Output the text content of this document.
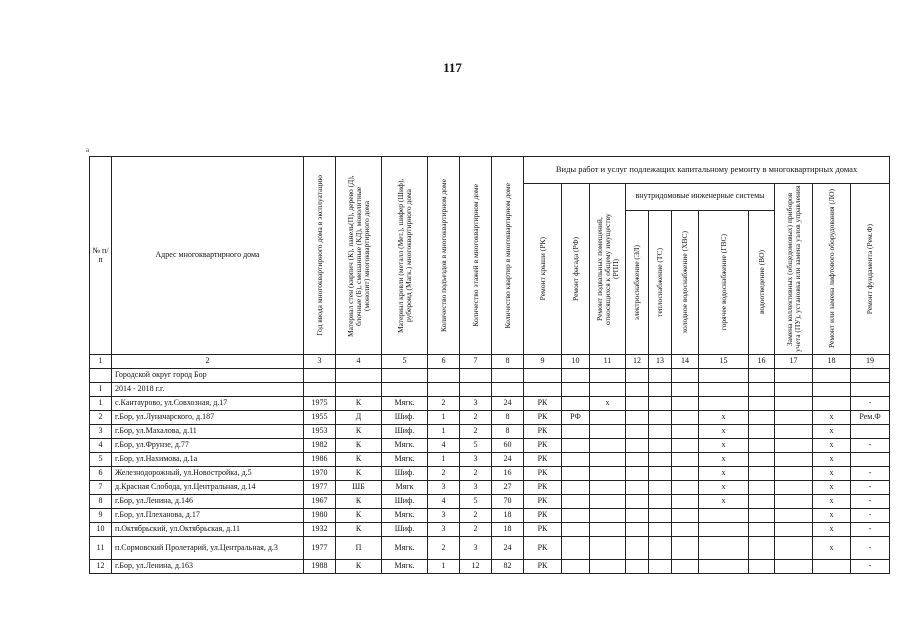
117
a
№ п/п	Адрес многоквартирного дома	Год ввода многоквартирного дома в эксплуатацию	Материал стен (кирпич (К), панель(П), дерево (Д), блочные (Б), смешанные (КД), монолитные (монолит) многоквартирного дома	Материал кровли (металл (Мет.), шифер (Шиф), рубероид (Магк.) многоквартирного дома	Количество подъездов в многоквартирном доме	Количество этажей в многоквартирном доме	Количество квартир в многоквартирном доме	Виды работ и услуг подлежащих капитальному ремонту в многоквартирных домах										

								Ремонт крыши (РК)	Ремонт фасада (РФ)	Ремонт подвальных помещений, относящихся к общему имуществу (РПП)	внутридомовые инженерные системы					Замена коллективных (общедомовых) приборов учета (ПУ), установка или замена узлов управления	Ремонт или замена лифтового оборудования (ЛО)	Ремонт фундамента (Рем.Ф)

											электроснабжение (ЭЛ)	теплоснабжение (ТС)	холодное водоснабжение (ХВС)	горячее водоснабжение (ГВС)	водоотведение (ВО)			

1	2	3	4	5	6	7	8	9	10	11	12	13	14	15	16	17	18	19
	Городской округ город Бор																	
I	2014 - 2018 г.г.																	
1	с.Кантаурово, ул.Совхозная, д.17	1975	К	Мягк.	2	3	24	РК		х								-
2	г.Бор, ул.Луначарского, д.187	1955	Д	Шиф.	1	2	8	РК	РФ					х			х	Рем.Ф
3	г.Бор, ул.Махалова, д.11	1953	К	Шиф.	1	2	8	РК						х			х	
4	г.Бор, ул.Фрунзе, д.77	1982	К	Мягк.	4	5	60	РК						х			х	-
5	г.Бор, ул.Нахимова, д.1а	1986	К	Мягк.	1	3	24	РК						х			х	
6	Железнодорожный, ул.Новостройка, д.5	1970	К	Шиф.	2	2	16	РК						х			х	-
7	д.Красная Слобода, ул.Центральная, д.14	1977	ШБ	Мягк	3	3	27	РК						х			х	-
8	г.Бор, ул.Ленина, д.146	1967	К	Шиф.	4	5	70	РК						х			х	-
9	г.Бор, ул.Плеханова, д.17	1980	К	Мягк.	3	2	18	РК									х	-
10	п.Октябрьский, ул.Октябрьская, д.11	1932	К	Шиф.	3	2	18	РК									х	-
11	п.Сормовский Пролетарий, ул.Центральная, д.3	1977	П	Мягк.	2	3	24	РК									х	-
12	г.Бор, ул.Ленина, д.163	1988	К	Мягк.	1	12	82	РК										-
